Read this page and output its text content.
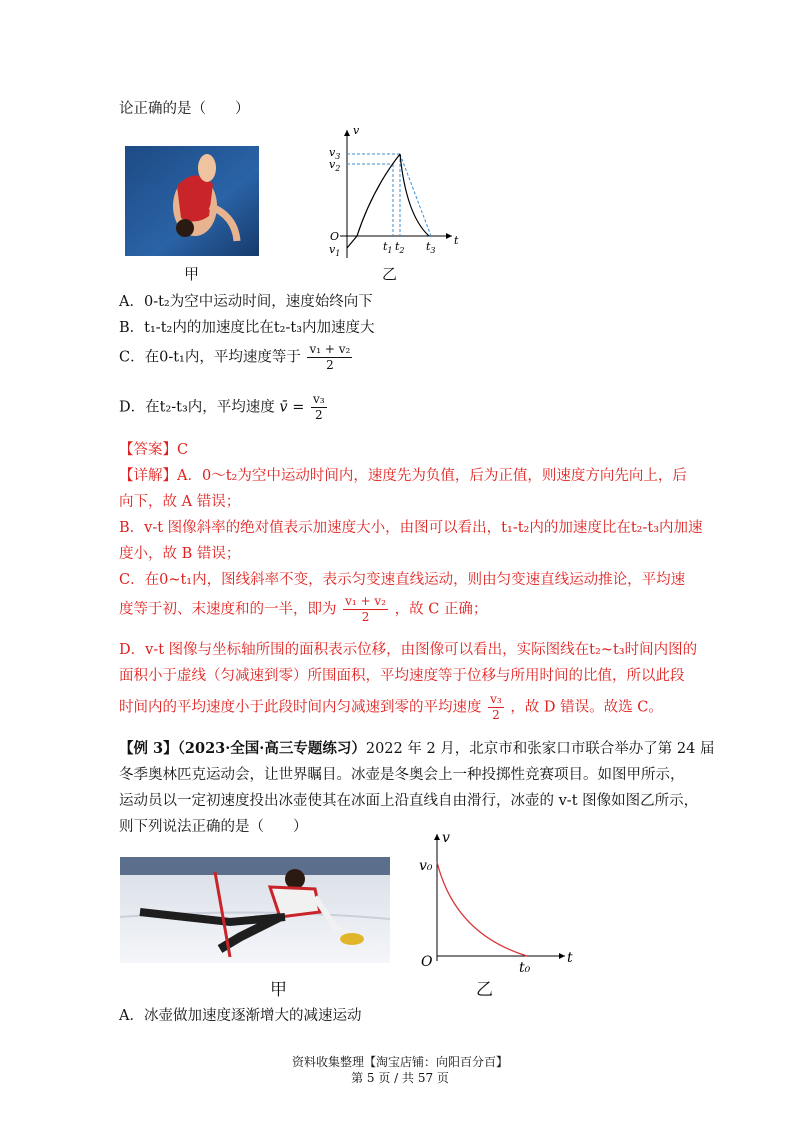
论正确的是（　　）
甲
v
t
O
$v_3$
$v_2$
$v_1$
$t_1$ $t_2$ $t_3$
乙
A．0-t₂为空中运动时间，速度始终向下
B．t₁-t₂内的加速度比在t₂-t₃内加速度大
C．在0-t₁内，平均速度等于 $\frac{\text{v₁ + v₂}}{2}$
D．在t₂-t₃内，平均速度 v̄ = $\frac{\text{v₃}}{2}$
【答案】C
【详解】A．0～t₂为空中运动时间内，速度先为负值，后为正值，则速度方向先向上，后
向下，故 A 错误；
B．v-t 图像斜率的绝对值表示加速度大小，由图可以看出，t₁-t₂内的加速度比在t₂-t₃内加速
度小，故 B 错误；
C．在0~t₁内，图线斜率不变，表示匀变速直线运动，则由匀变速直线运动推论，平均速
度等于初、末速度和的一半，即为 $\frac{\text{v₁ + v₂}}{2}$ ，故 C 正确；
D．v-t 图像与坐标轴所围的面积表示位移，由图像可以看出，实际图线在t₂~t₃时间内图的
面积小于虚线（匀减速到零）所围面积，平均速度等于位移与所用时间的比值，所以此段
时间内的平均速度小于此段时间内匀减速到零的平均速度 $\frac{\text{v₃}}{2}$ ，故 D 错误。故选 C。
【例 3】（2023·全国·高三专题练习）2022 年 2 月，北京市和张家口市联合举办了第 24 届
冬季奥林匹克运动会，让世界瞩目。冰壶是冬奥会上一种投掷性竞赛项目。如图甲所示，
运动员以一定初速度投出冰壶使其在冰面上沿直线自由滑行，冰壶的 v-t 图像如图乙所示，
则下列说法正确的是（　　）
甲
v
t
O
v₀
t₀
乙
A．冰壶做加速度逐渐增大的减速运动
资料收集整理【淘宝店铺：向阳百分百】
第 5 页 / 共 57 页
